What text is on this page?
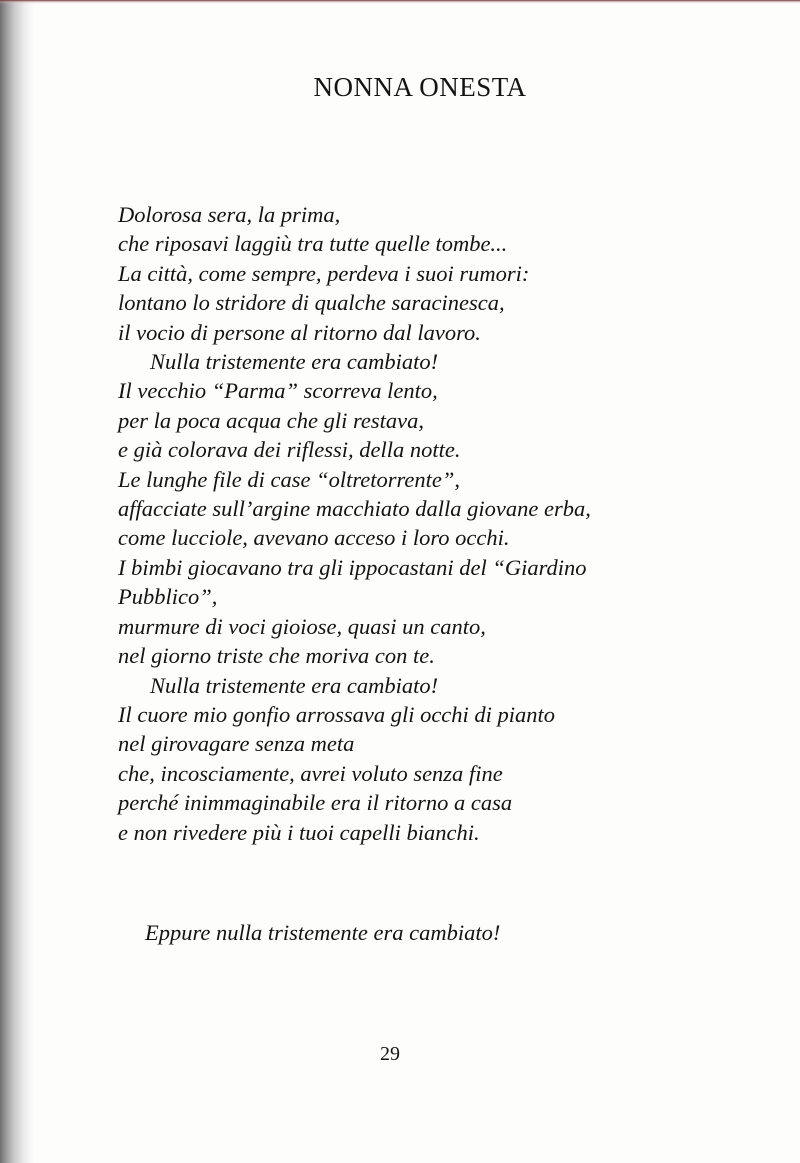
NONNA ONESTA
Dolorosa sera, la prima,
che riposavi laggiù tra tutte quelle tombe...
La città, come sempre, perdeva i suoi rumori:
lontano lo stridore di qualche saracinesca,
il vocio di persone al ritorno dal lavoro.
Nulla tristemente era cambiato!
Il vecchio “Parma” scorreva lento,
per la poca acqua che gli restava,
e già colorava dei riflessi, della notte.
Le lunghe file di case “oltretorrente”,
affacciate sull’argine macchiato dalla giovane erba,
come lucciole, avevano acceso i loro occhi.
I bimbi giocavano tra gli ippocastani del “Giardino
Pubblico”,
murmure di voci gioiose, quasi un canto,
nel giorno triste che moriva con te.
Nulla tristemente era cambiato!
Il cuore mio gonfio arrossava gli occhi di pianto
nel girovagare senza meta
che, incosciamente, avrei voluto senza fine
perché inimmaginabile era il ritorno a casa
e non rivedere più i tuoi capelli bianchi.
Eppure nulla tristemente era cambiato!
29
